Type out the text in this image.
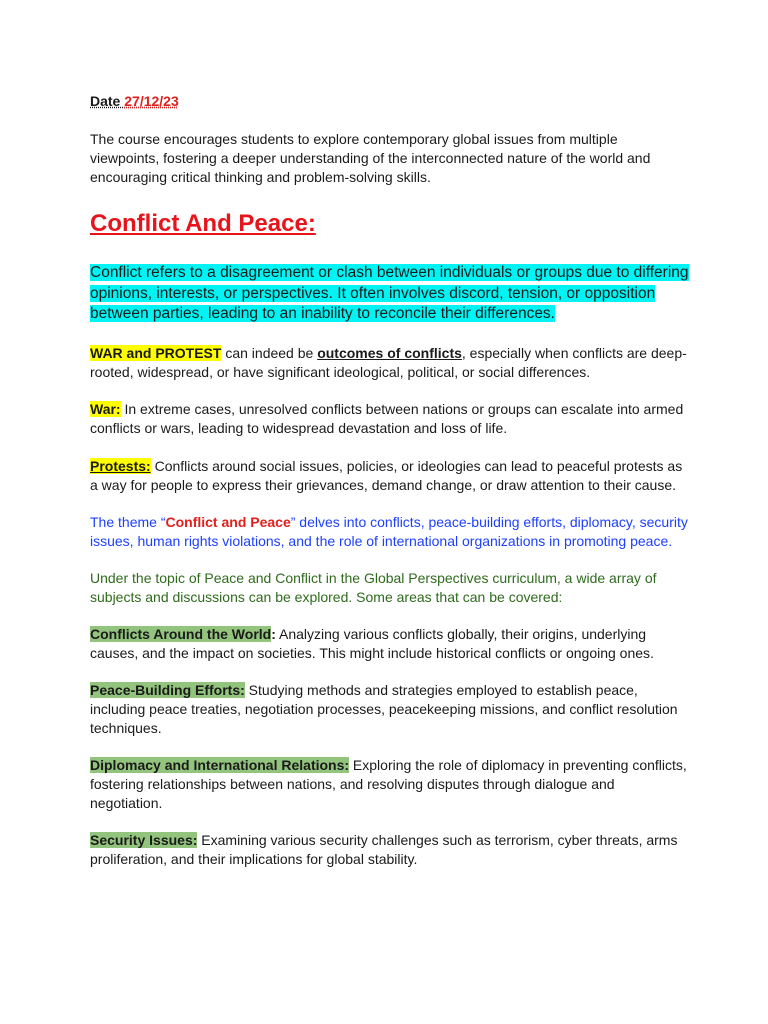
Date 27/12/23

The course encourages students to explore contemporary global issues from multiple viewpoints, fostering a deeper understanding of the interconnected nature of the world and encouraging critical thinking and problem-solving skills.

Conflict And Peace:

Conflict refers to a disagreement or clash between individuals or groups due to differing opinions, interests, or perspectives. It often involves discord, tension, or opposition between parties, leading to an inability to reconcile their differences.

WAR and PROTEST can indeed be outcomes of conflicts, especially when conflicts are deep-rooted, widespread, or have significant ideological, political, or social differences.

War: In extreme cases, unresolved conflicts between nations or groups can escalate into armed conflicts or wars, leading to widespread devastation and loss of life.

Protests: Conflicts around social issues, policies, or ideologies can lead to peaceful protests as a way for people to express their grievances, demand change, or draw attention to their cause.

The theme “Conflict and Peace” delves into conflicts, peace-building efforts, diplomacy, security issues, human rights violations, and the role of international organizations in promoting peace.

Under the topic of Peace and Conflict in the Global Perspectives curriculum, a wide array of subjects and discussions can be explored. Some areas that can be covered:

Conflicts Around the World: Analyzing various conflicts globally, their origins, underlying causes, and the impact on societies. This might include historical conflicts or ongoing ones.

Peace-Building Efforts: Studying methods and strategies employed to establish peace, including peace treaties, negotiation processes, peacekeeping missions, and conflict resolution techniques.

Diplomacy and International Relations: Exploring the role of diplomacy in preventing conflicts, fostering relationships between nations, and resolving disputes through dialogue and negotiation.

Security Issues: Examining various security challenges such as terrorism, cyber threats, arms proliferation, and their implications for global stability.
